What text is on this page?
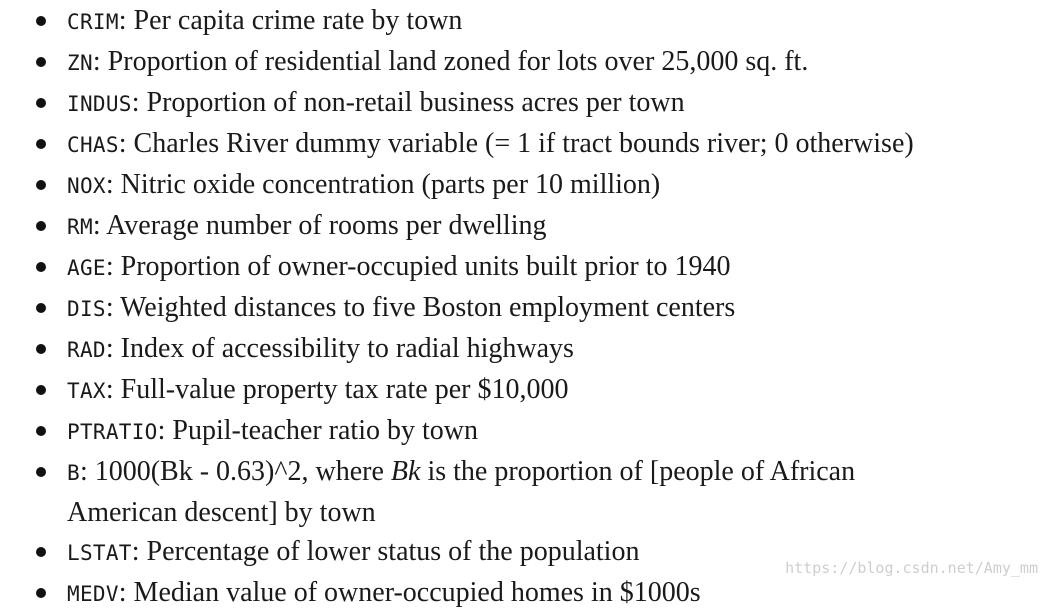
CRIM: Per capita crime rate by town
ZN: Proportion of residential land zoned for lots over 25,000 sq. ft.
INDUS: Proportion of non-retail business acres per town
CHAS: Charles River dummy variable (= 1 if tract bounds river; 0 otherwise)
NOX: Nitric oxide concentration (parts per 10 million)
RM: Average number of rooms per dwelling
AGE: Proportion of owner-occupied units built prior to 1940
DIS: Weighted distances to five Boston employment centers
RAD: Index of accessibility to radial highways
TAX: Full-value property tax rate per $10,000
PTRATIO: Pupil-teacher ratio by town
B: 1000(Bk - 0.63)^2, where Bk is the proportion of [people of African American descent] by town
LSTAT: Percentage of lower status of the population
MEDV: Median value of owner-occupied homes in $1000s
https://blog.csdn.net/Amy_mm
